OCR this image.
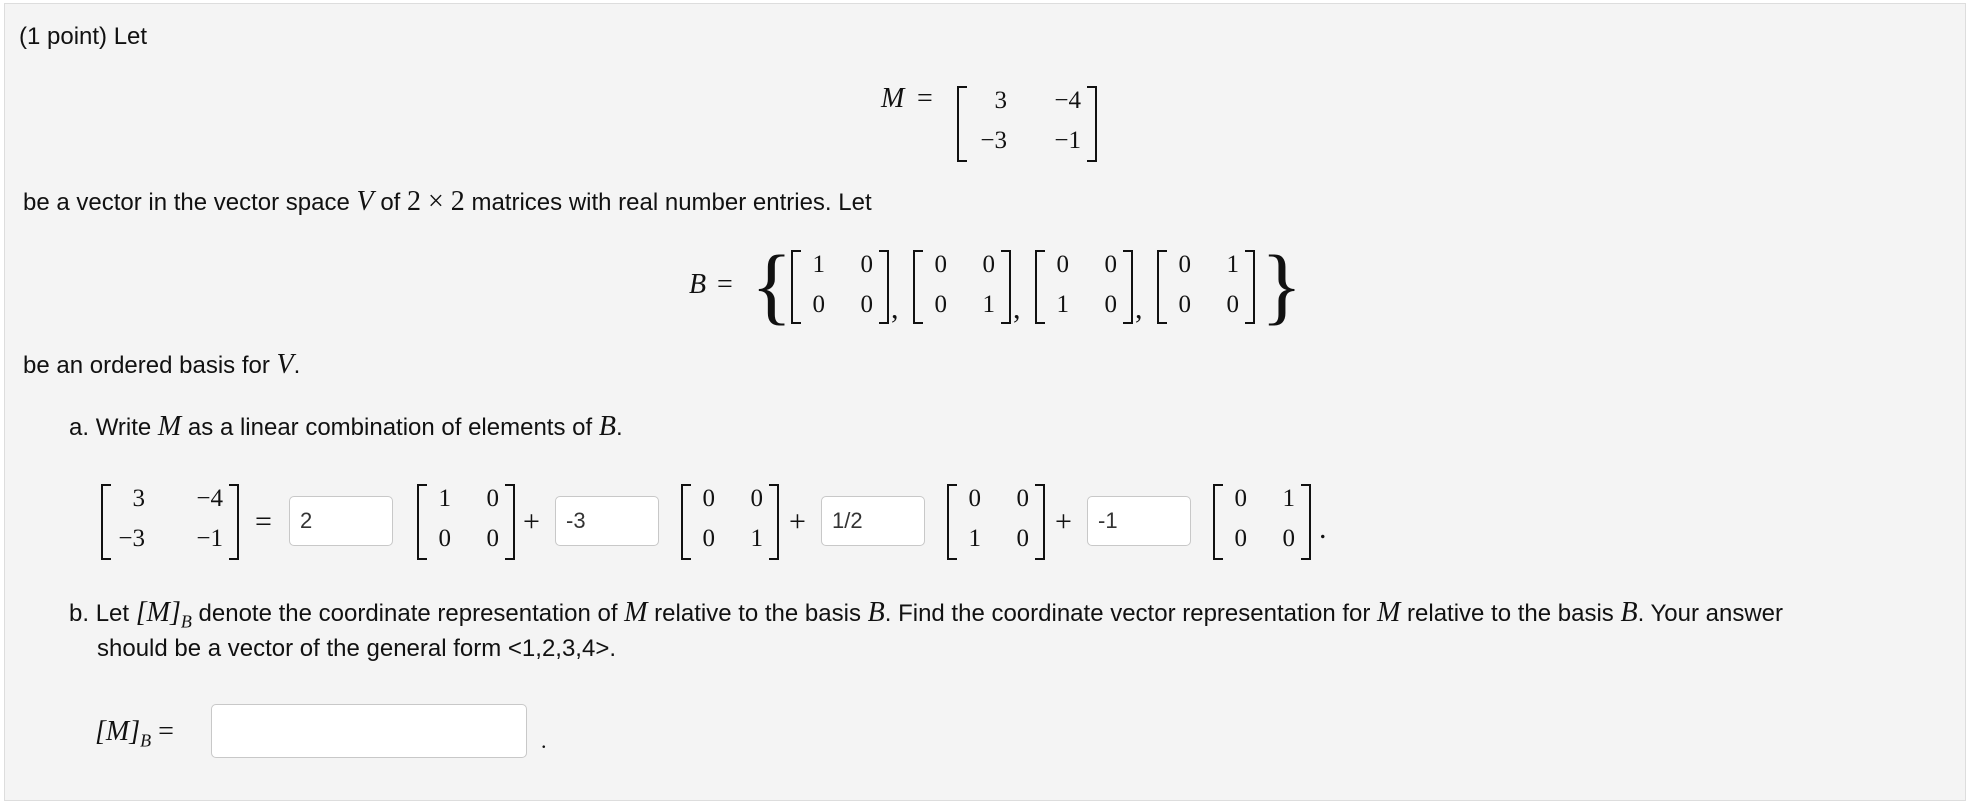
(1 point) Let
M =	3	−4
−3	−1
be a vector in the vector space V of 2 × 2 matrices with real number entries. Let
B = { 1	0
0	0 ,
0	0
0	1 ,
0	0
1	0 ,
0	1
0	0 }
be an ordered basis for V.
a. Write M as a linear combination of elements of B.
3	−4
−3	−1
=
2
1	0
0	0
+
-3
0	0
0	1
+
1/2
0	0
1	0
+
-1
0	1
0	0 .
b. Let $[M]_B$ denote the coordinate representation of M relative to the basis B. Find the coordinate vector representation for M relative to the basis B. Your answer
should be a vector of the general form <1,2,3,4>.
$[M]_B$ =	.
